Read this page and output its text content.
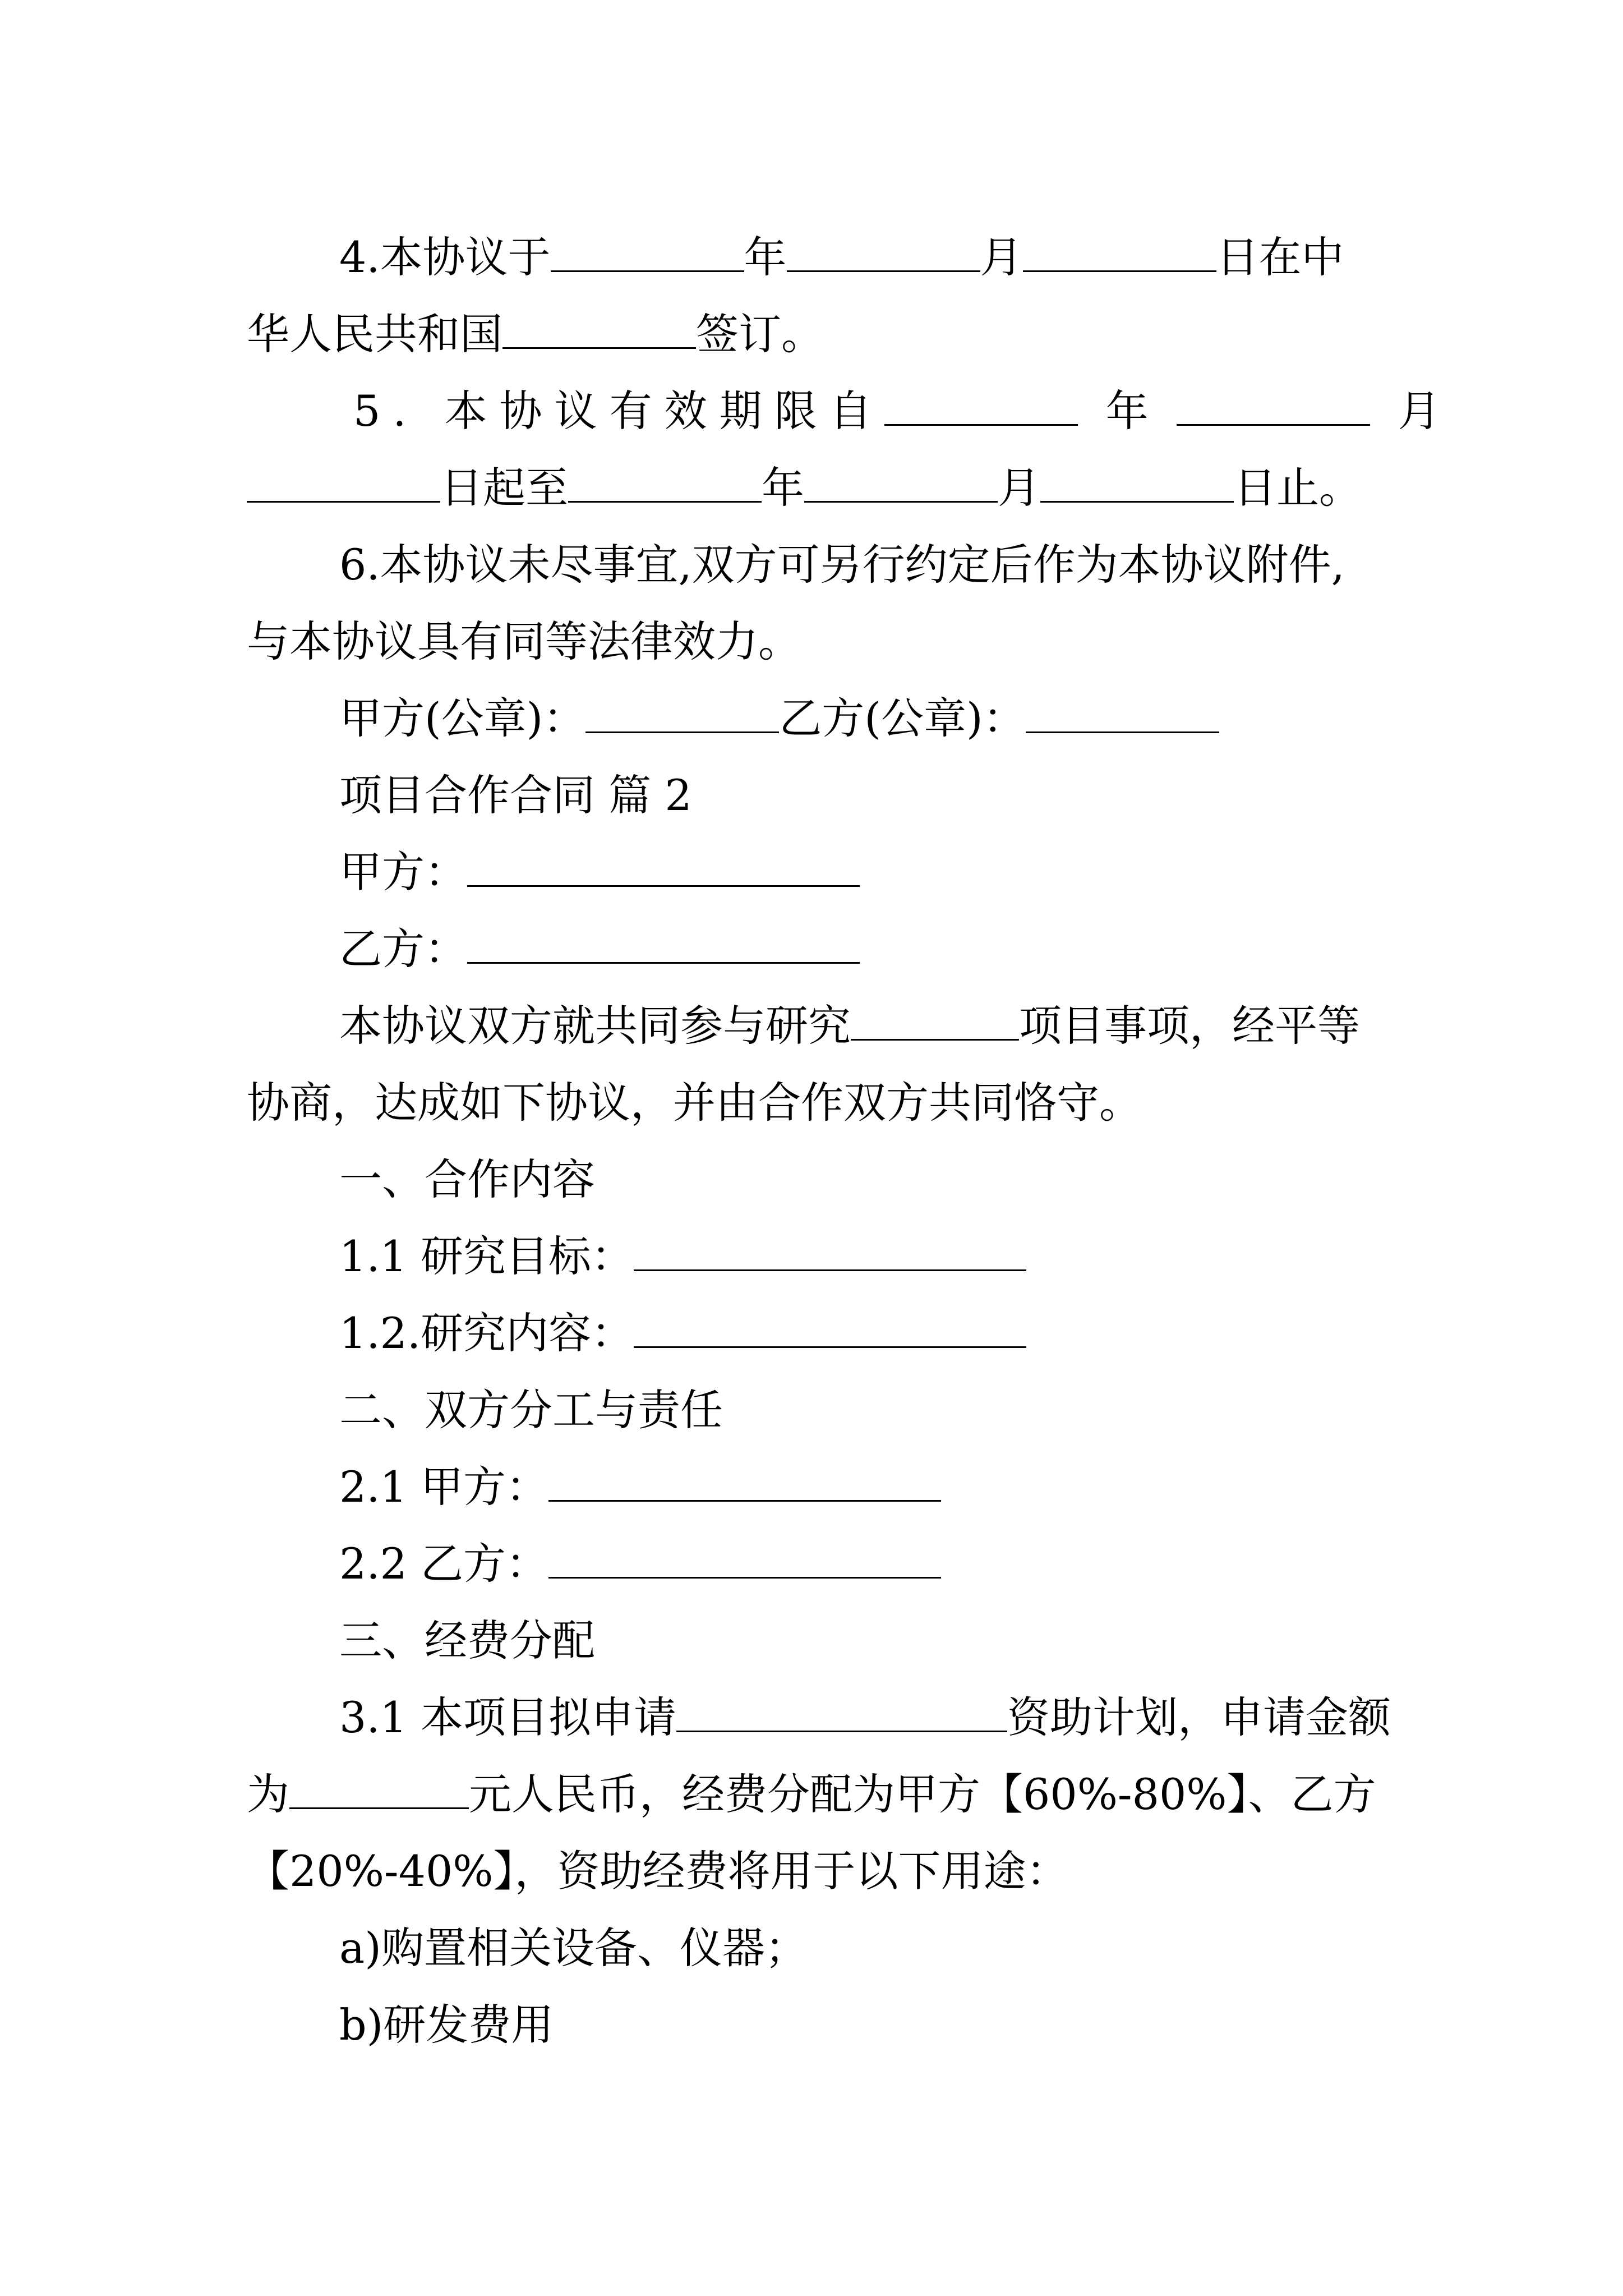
4.本协议于	年	月	日在中

华人民共和国	签订。

5. 本协议有效期限自	年	月

日起至	年	月	日止。

6.本协议未尽事宜,双方可另行约定后作为本协议附件,

与本协议具有同等法律效力。

甲方(公章)：	乙方(公章)：

项目合作合同 篇 2

甲方：

乙方：

本协议双方就共同参与研究	项目事项，经平等

协商，达成如下协议，并由合作双方共同恪守。

一、合作内容

1.1 研究目标：

1.2.研究内容：

二、双方分工与责任

2.1 甲方：

2.2 乙方：

三、经费分配

3.1 本项目拟申请	资助计划，申请金额

为	元人民币，经费分配为甲方【60%-80%】、乙方

【20%-40%】，资助经费将用于以下用途：

a)购置相关设备、仪器；

b)研发费用
